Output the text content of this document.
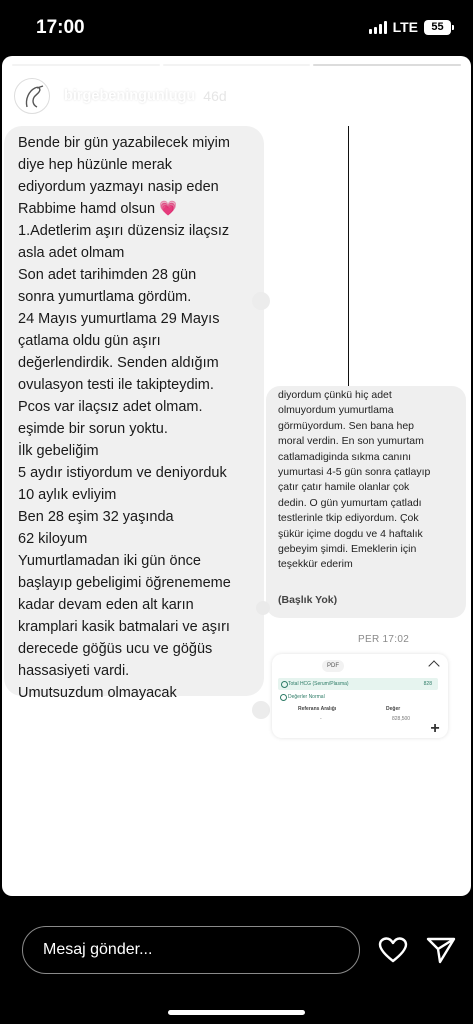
17:00	LTE	55
birgebeningunlugu 46d

Bende bir gün yazabilecek miyim
diye hep hüzünle merak
ediyordum yazmayı nasip eden
Rabbime hamd olsun 💗
1.Adetlerim aşırı düzensiz ilaçsız
asla adet olmam
Son adet tarihimden 28 gün
sonra yumurtlama gördüm.
24 Mayıs yumurtlama 29 Mayıs
çatlama oldu gün aşırı
değerlendirdik. Senden aldığım
ovulasyon testi ile takipteydim.
Pcos var ilaçsız adet olmam.
eşimde bir sorun yoktu.
İlk gebeliğim
5 aydır istiyordum ve deniyorduk
10 aylık evliyim
Ben 28 eşim 32 yaşında
62 kiloyum
Yumurtlamadan iki gün önce
başlayıp gebeligimi öğrenememe
kadar devam eden alt karın
kramplari kasik batmalari ve aşırı
derecede göğüs ucu ve göğüs
hassasiyeti vardi.
Umutsuzdum olmayacak

diyordum çünkü hiç adet
olmuyordum yumurtlama
görmüyordum. Sen bana hep
moral verdin. En son yumurtam
catlamadiginda sıkma canını
yumurtasi 4-5 gün sonra çatlayıp
çatır çatır hamile olanlar çok
dedin. O gün yumurtam çatladı
testlerinle tkip ediyordum. Çok
şükür içime dogdu ve 4 haftalık
gebeyim şimdi. Emeklerin için
teşekkür ederim

(Başlık Yok)
PER 17:02
PDF
Total HCG (Serum/Plasma)	828
Değerler Normal
Referans Aralığı	Değer
-	828,500
+
Mesaj gönder...
